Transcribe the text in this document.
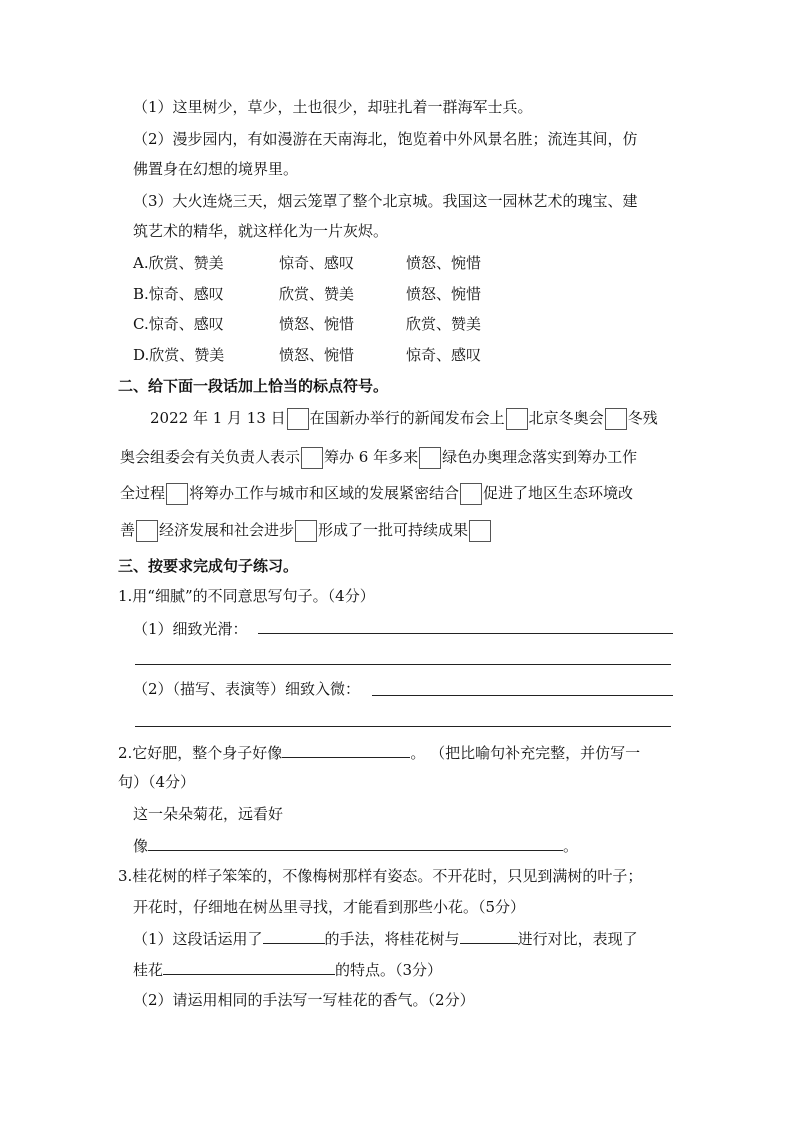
（1）这里树少，草少，土也很少，却驻扎着一群海军士兵。
（2）漫步园内，有如漫游在天南海北，饱览着中外风景名胜；流连其间，仿
佛置身在幻想的境界里。
（3）大火连烧三天，烟云笼罩了整个北京城。我国这一园林艺术的瑰宝、建
筑艺术的精华，就这样化为一片灰烬。
A.欣赏、赞美	惊奇、感叹	愤怒、惋惜
B.惊奇、感叹	欣赏、赞美	愤怒、惋惜
C.惊奇、感叹	愤怒、惋惜	欣赏、赞美
D.欣赏、赞美	愤怒、惋惜	惊奇、感叹
二、给下面一段话加上恰当的标点符号。
2022 年 1 月 13 日 在国新办举行的新闻发布会上 北京冬奥会 冬残
奥会组委会有关负责人表示 筹办 6 年多来 绿色办奥理念落实到筹办工作
全过程 将筹办工作与城市和区域的发展紧密结合 促进了地区生态环境改
善 经济发展和社会进步 形成了一批可持续成果
三、按要求完成句子练习。
1.用“细腻”的不同意思写句子。（4分）
（1）细致光滑：
（2）（描写、表演等）细致入微：
2.它好肥，整个身子好像	。 （把比喻句补充完整，并仿写一
句）（4分）
这一朵朵菊花，远看好
像	。
3.桂花树的样子笨笨的，不像梅树那样有姿态。不开花时，只见到满树的叶子；
开花时，仔细地在树丛里寻找，才能看到那些小花。（5分）
（1）这段话运用了	的手法，将桂花树与	进行对比，表现了
桂花	的特点。（3分）
（2）请运用相同的手法写一写桂花的香气。（2分）
